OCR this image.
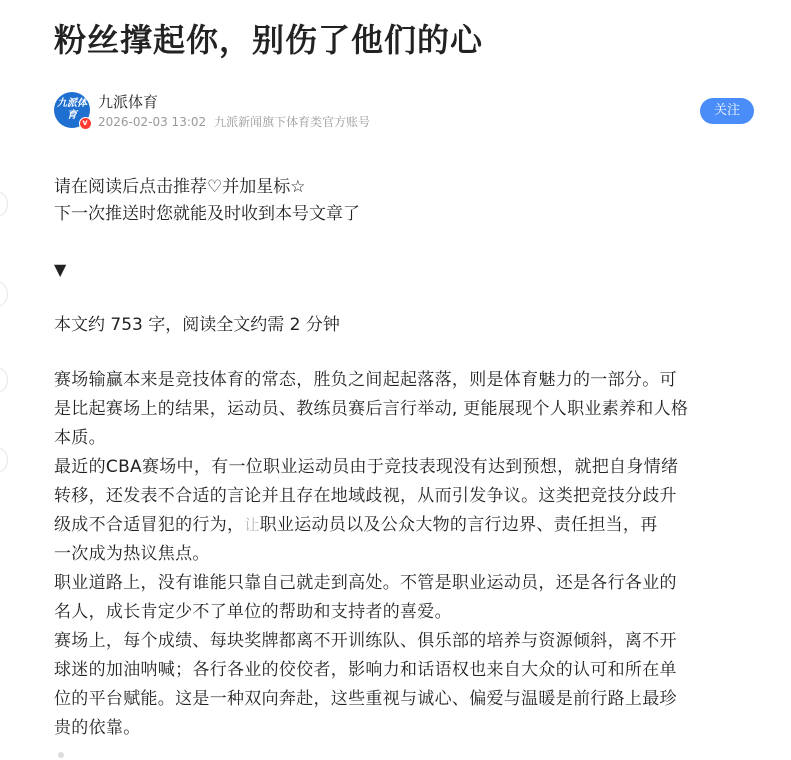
粉丝撑起你，别伤了他们的心
九派体育
v
九派体育
2026-02-03 13:02 九派新闻旗下体育类官方账号
关注
请在阅读后点击推荐♡并加星标☆
下一次推送时您就能及时收到本号文章了
▼
本文约 753 字，阅读全文约需 2 分钟
赛场输赢本来是竞技体育的常态，胜负之间起起落落，则是体育魅力的一部分。可
是比起赛场上的结果，运动员、教练员赛后言行举动, 更能展现个人职业素养和人格
本质。
最近的CBA赛场中，有一位职业运动员由于竞技表现没有达到预想，就把自身情绪
转移，还发表不合适的言论并且存在地域歧视，从而引发争议。这类把竞技分歧升
级成不合适冒犯的行为，让职业运动员以及公众大物的言行边界、责任担当，再
一次成为热议焦点。
职业道路上，没有谁能只靠自己就走到高处。不管是职业运动员，还是各行各业的
名人，成长肯定少不了单位的帮助和支持者的喜爱。
赛场上，每个成绩、每块奖牌都离不开训练队、俱乐部的培养与资源倾斜，离不开
球迷的加油呐喊；各行各业的佼佼者，影响力和话语权也来自大众的认可和所在单
位的平台赋能。这是一种双向奔赴，这些重视与诚心、偏爱与温暖是前行路上最珍
贵的依靠。
